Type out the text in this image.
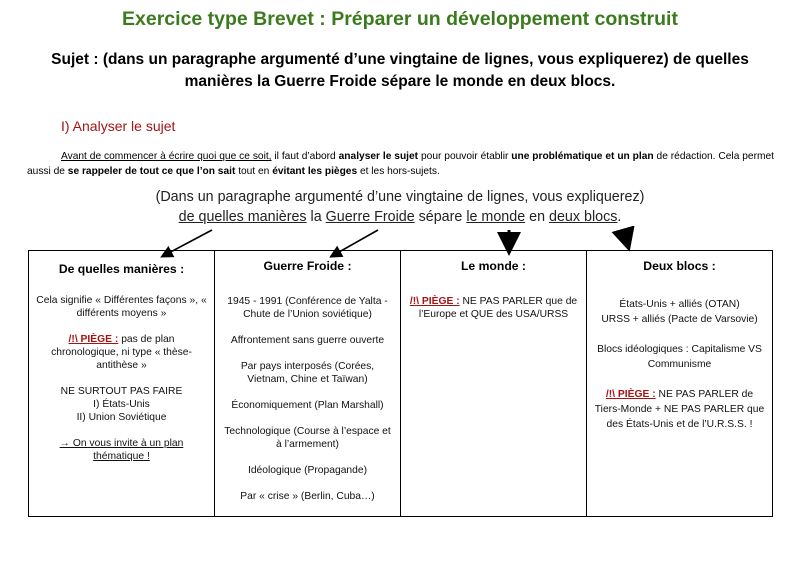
Exercice type Brevet : Préparer un développement construit
Sujet : (dans un paragraphe argumenté d’une vingtaine de lignes, vous expliquerez) de quelles manières la Guerre Froide sépare le monde en deux blocs.
I) Analyser le sujet
Avant de commencer à écrire quoi que ce soit, il faut d’abord analyser le sujet pour pouvoir établir une problématique et un plan de rédaction. Cela permet aussi de se rappeler de tout ce que l’on sait tout en évitant les pièges et les hors-sujets.
(Dans un paragraphe argumenté d’une vingtaine de lignes, vous expliquerez)
de quelles manières la Guerre Froide sépare le monde en deux blocs.
De quelles manières :

Cela signifie « Différentes façons », « différents moyens »

/!\ PIÈGE : pas de plan chronologique, ni type « thèse-antithèse »

NE SURTOUT PAS FAIRE
I) États-Unis
II) Union Soviétique

→ On vous invite à un plan thématique !

Guerre Froide :

1945 - 1991 (Conférence de Yalta - Chute de l’Union soviétique)

Affrontement sans guerre ouverte

Par pays interposés (Corées, Vietnam, Chine et Taïwan)

Économiquement (Plan Marshall)

Technologique (Course à l’espace et à l’armement)

Idéologique (Propagande)

Par « crise » (Berlin, Cuba…)

Le monde :

/!\ PIÈGE : NE PAS PARLER que de l’Europe et QUE des USA/URSS

Deux blocs :

États-Unis + alliés (OTAN)
URSS + alliés (Pacte de Varsovie)

Blocs idéologiques : Capitalisme VS Communisme

/!\ PIÈGE : NE PAS PARLER de Tiers-Monde + NE PAS PARLER que des États-Unis et de l’U.R.S.S. !
